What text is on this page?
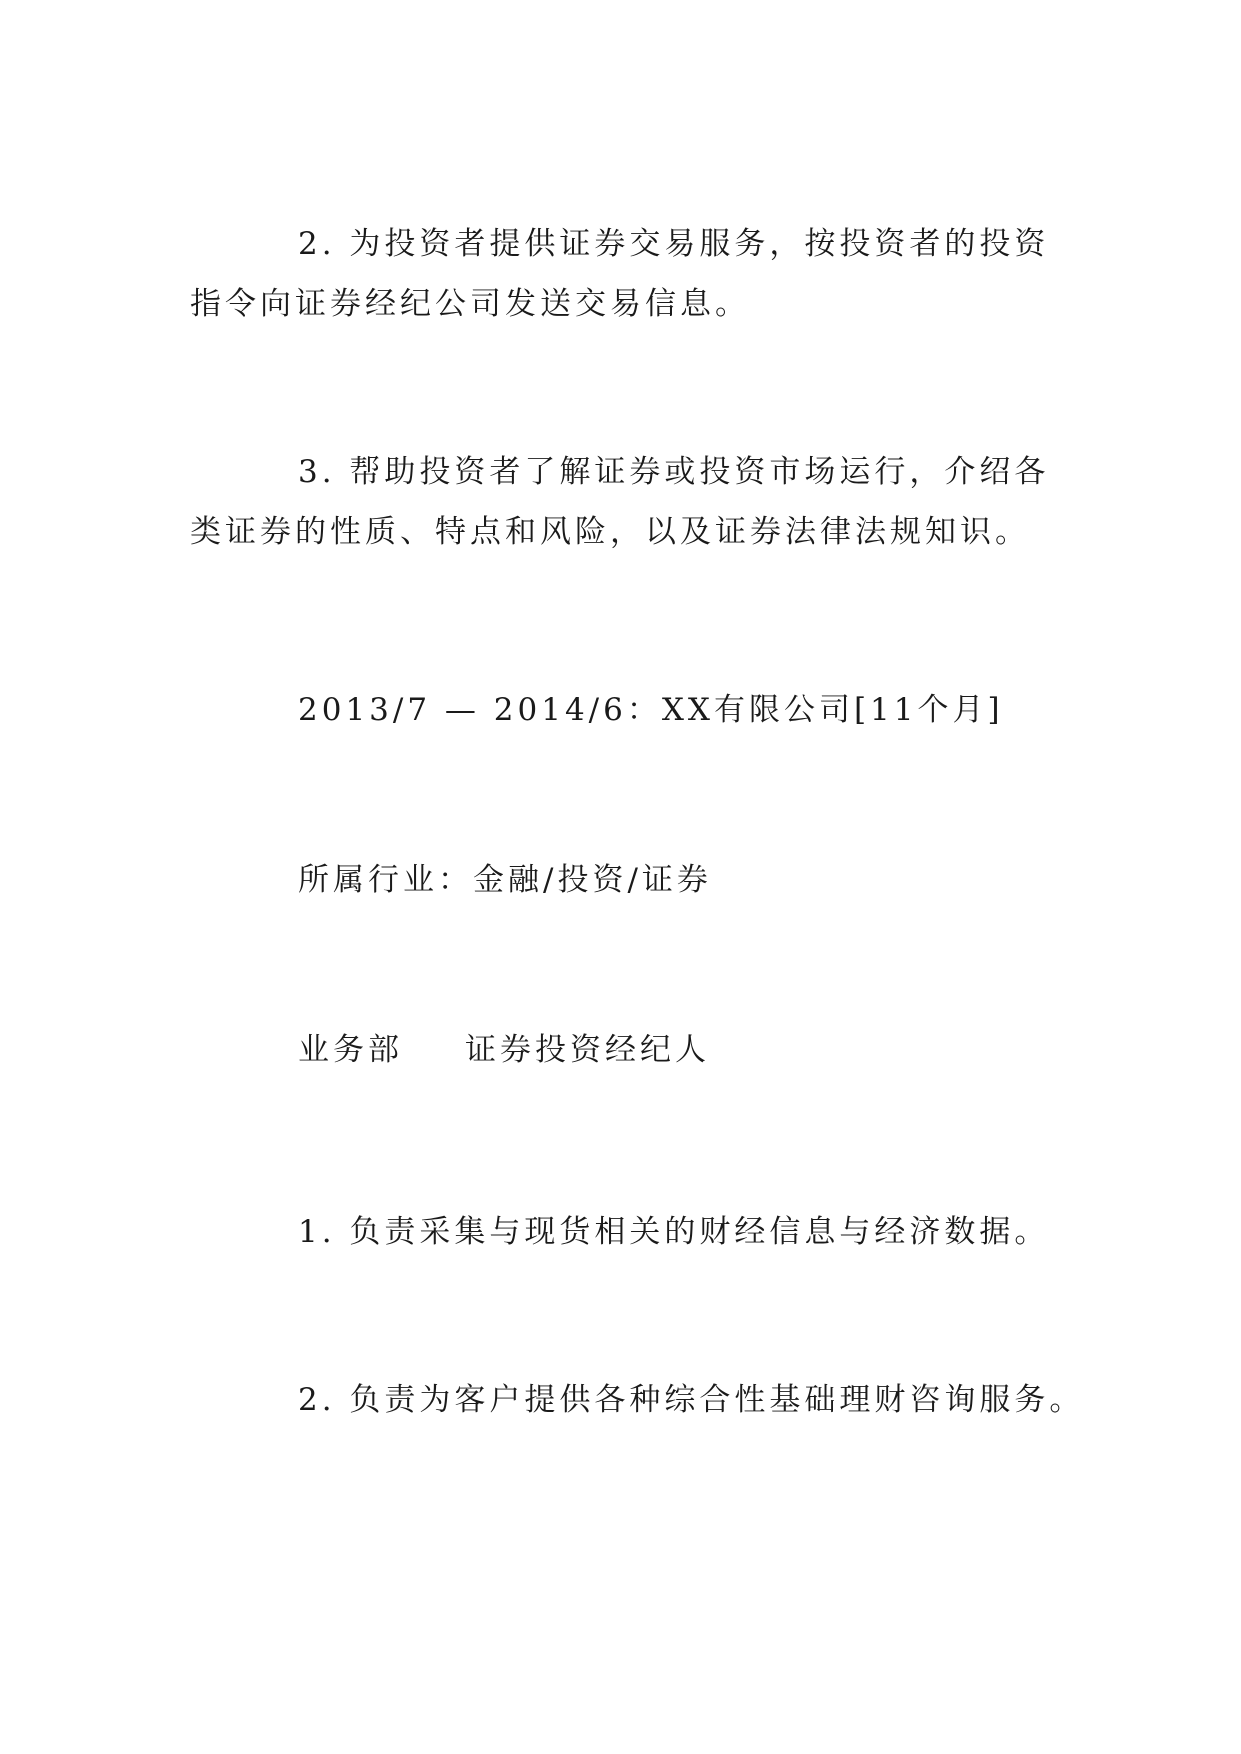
2. 为投资者提供证券交易服务，按投资者的投资指令向证券经纪公司发送交易信息。

3. 帮助投资者了解证券或投资市场运行，介绍各类证券的性质、特点和风险，以及证券法律法规知识。

2013/7 — 2014/6：XX有限公司[11个月]

所属行业：金融/投资/证券

业务部 证券投资经纪人

1. 负责采集与现货相关的财经信息与经济数据。

2. 负责为客户提供各种综合性基础理财咨询服务。
